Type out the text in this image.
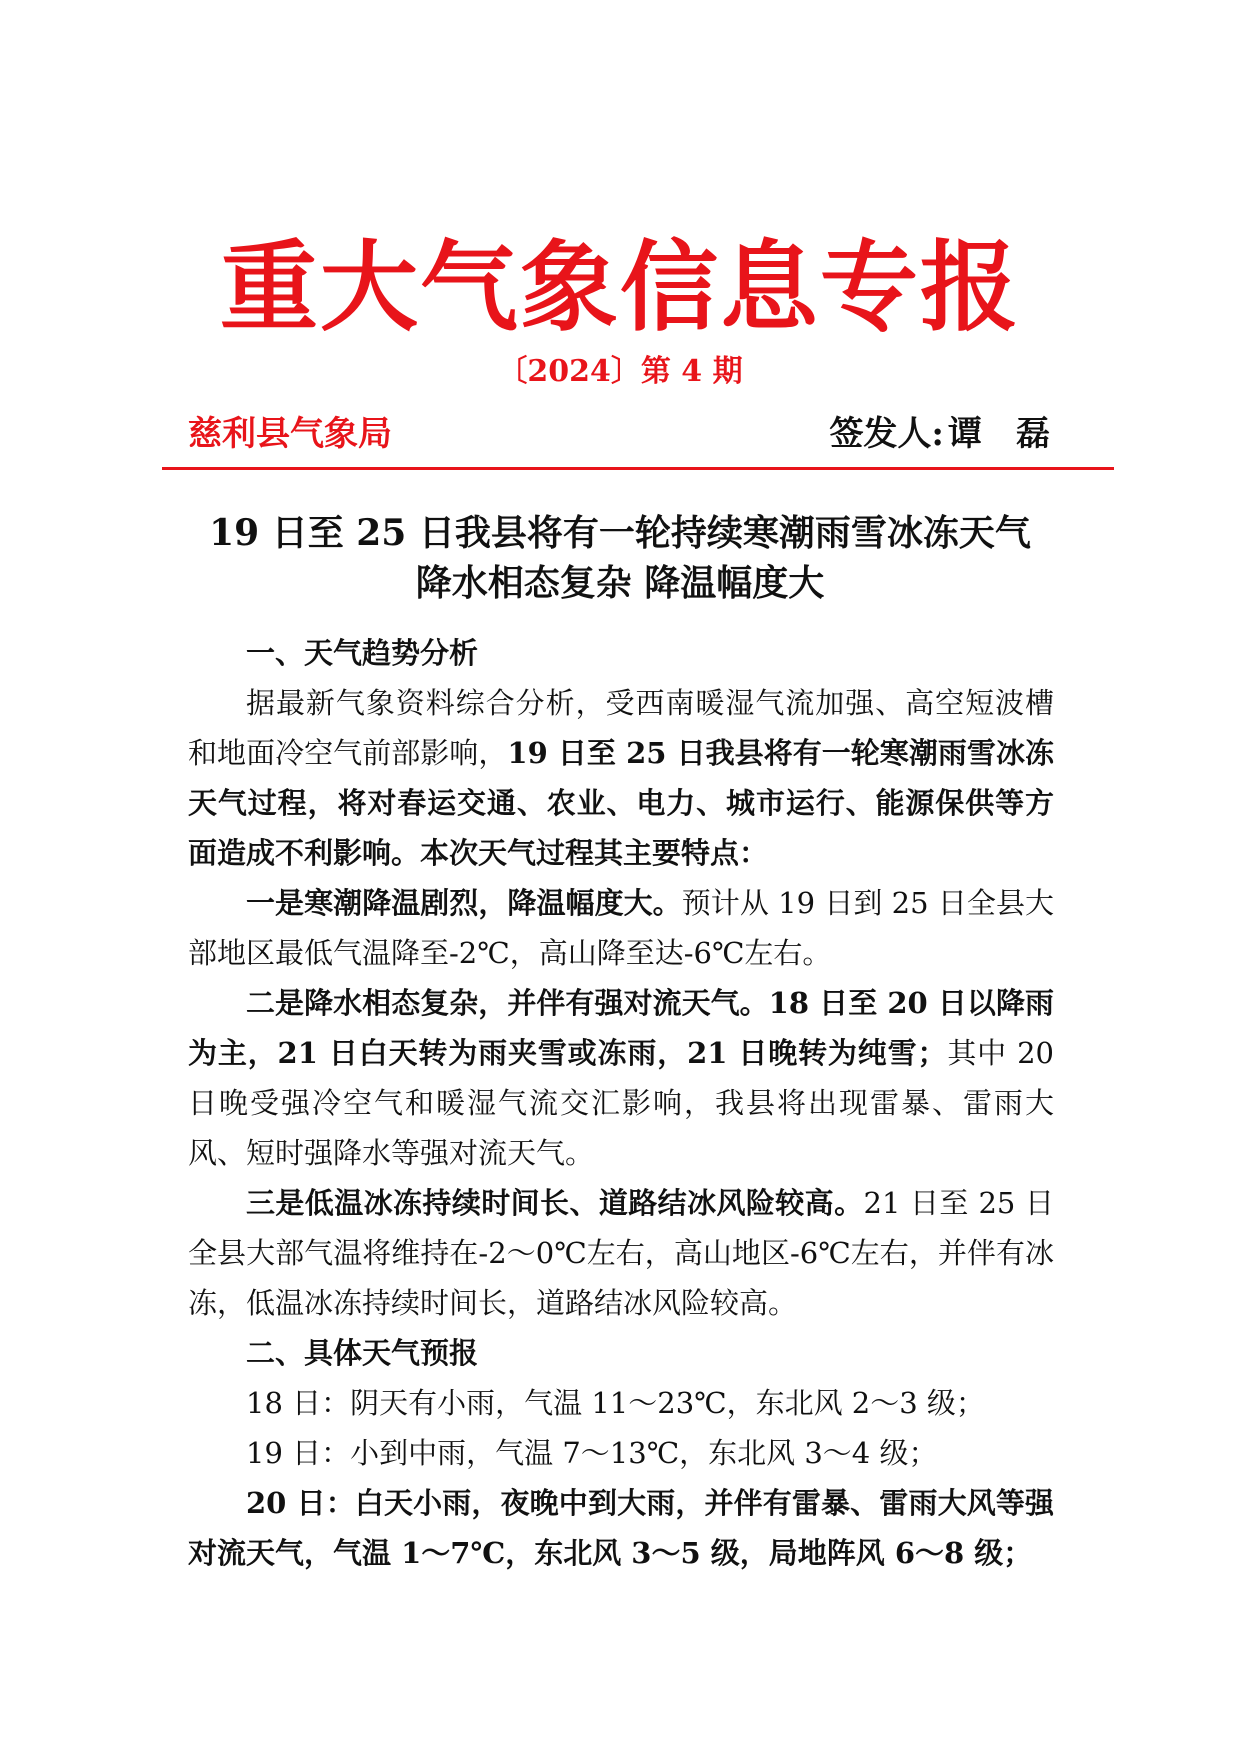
重大气象信息专报
〔2024〕第 4 期
慈利县气象局	签发人: 谭　磊
19 日至 25 日我县将有一轮持续寒潮雨雪冰冻天气
降水相态复杂 降温幅度大

一、天气趋势分析

据最新气象资料综合分析，受西南暖湿气流加强、高空短波槽和地面冷空气前部影响，19 日至 25 日我县将有一轮寒潮雨雪冰冻天气过程，将对春运交通、农业、电力、城市运行、能源保供等方面造成不利影响。本次天气过程其主要特点：

一是寒潮降温剧烈，降温幅度大。预计从 19 日到 25 日全县大部地区最低气温降至-2℃，高山降至达-6℃左右。

二是降水相态复杂，并伴有强对流天气。18 日至 20 日以降雨为主，21 日白天转为雨夹雪或冻雨，21 日晚转为纯雪；其中 20 日晚受强冷空气和暖湿气流交汇影响，我县将出现雷暴、雷雨大风、短时强降水等强对流天气。

三是低温冰冻持续时间长、道路结冰风险较高。21 日至 25 日全县大部气温将维持在-2～0℃左右，高山地区-6℃左右，并伴有冰冻，低温冰冻持续时间长，道路结冰风险较高。

二、具体天气预报

18 日：阴天有小雨，气温 11～23℃，东北风 2～3 级；

19 日：小到中雨，气温 7～13℃，东北风 3～4 级；

20 日：白天小雨，夜晚中到大雨，并伴有雷暴、雷雨大风等强对流天气，气温 1～7℃，东北风 3～5 级，局地阵风 6～8 级；
